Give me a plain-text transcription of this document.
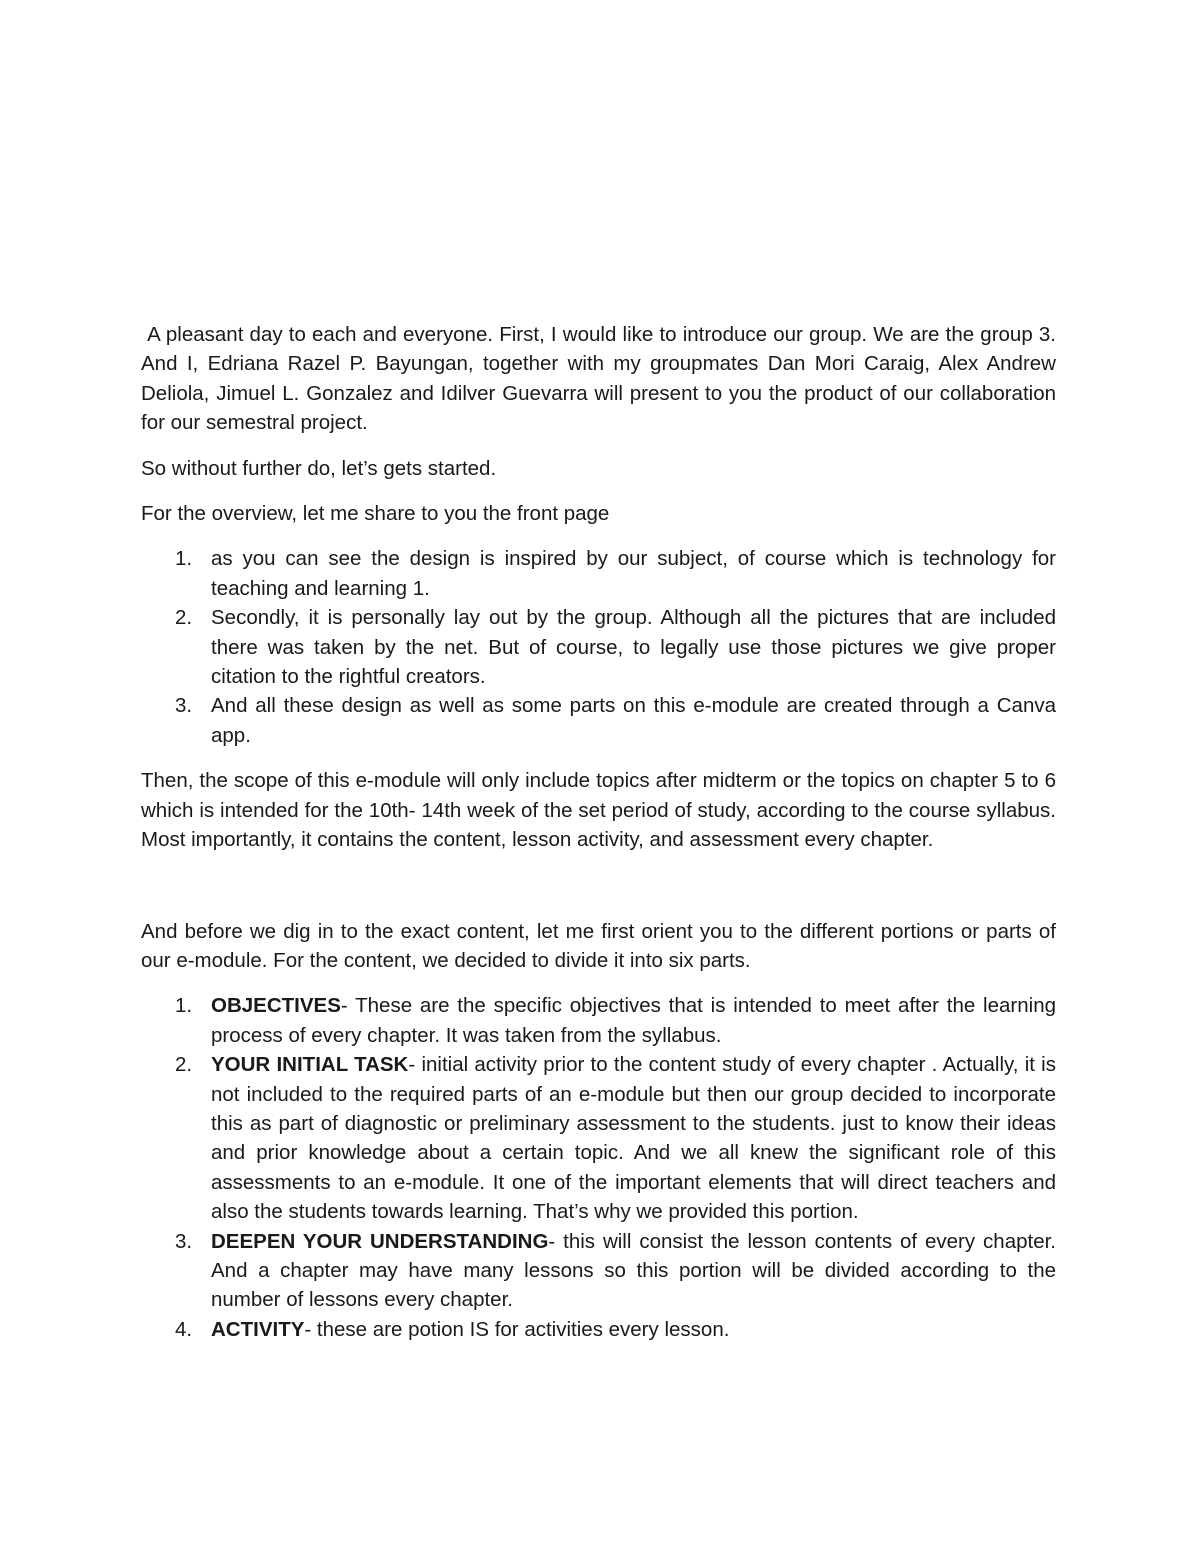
A pleasant day to each and everyone. First, I would like to introduce our group. We are the group 3. And I, Edriana Razel P. Bayungan, together with my groupmates Dan Mori Caraig, Alex Andrew Deliola, Jimuel L. Gonzalez and Idilver Guevarra will present to you the product of our collaboration for our semestral project.

So without further do, let’s gets started.

For the overview, let me share to you the front page

1. as you can see the design is inspired by our subject, of course which is technology for teaching and learning 1.
2. Secondly, it is personally lay out by the group. Although all the pictures that are included there was taken by the net. But of course, to legally use those pictures we give proper citation to the rightful creators.
3. And all these design as well as some parts on this e-module are created through a Canva app.

Then, the scope of this e-module will only include topics after midterm or the topics on chapter 5 to 6 which is intended for the 10th- 14th week of the set period of study, according to the course syllabus. Most importantly, it contains the content, lesson activity, and assessment every chapter.

And before we dig in to the exact content, let me first orient you to the different portions or parts of our e-module. For the content, we decided to divide it into six parts.

1. OBJECTIVES- These are the specific objectives that is intended to meet after the learning process of every chapter. It was taken from the syllabus.
2. YOUR INITIAL TASK- initial activity prior to the content study of every chapter . Actually, it is not included to the required parts of an e-module but then our group decided to incorporate this as part of diagnostic or preliminary assessment to the students. just to know their ideas and prior knowledge about a certain topic. And we all knew the significant role of this assessments to an e-module. It one of the important elements that will direct teachers and also the students towards learning. That’s why we provided this portion.
3. DEEPEN YOUR UNDERSTANDING- this will consist the lesson contents of every chapter. And a chapter may have many lessons so this portion will be divided according to the number of lessons every chapter.
4. ACTIVITY- these are potion IS for activities every lesson.
